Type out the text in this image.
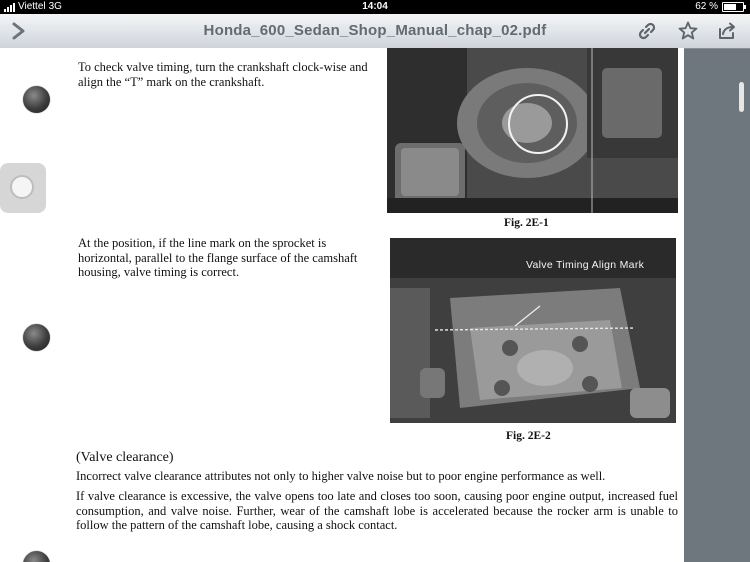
Viettel 3G	14:04	62 %
Honda_600_Sedan_Shop_Manual_chap_02.pdf
To check valve timing, turn the crankshaft clock-wise and align the “T” mark on the crankshaft.
Fig. 2E-1
At the position, if the line mark on the sprocket is horizontal, parallel to the flange surface of the camshaft housing, valve timing is correct.	Valve Timing Align Mark
Fig. 2E-2
(Valve clearance)
Incorrect valve clearance attributes not only to higher valve noise but to poor engine performance as well.
If valve clearance is excessive, the valve opens too late and closes too soon, causing poor engine output, increased fuel consumption, and valve noise. Further, wear of the camshaft lobe is accelerated because the rocker arm is unable to follow the pattern of the camshaft lobe, causing a shock contact.
